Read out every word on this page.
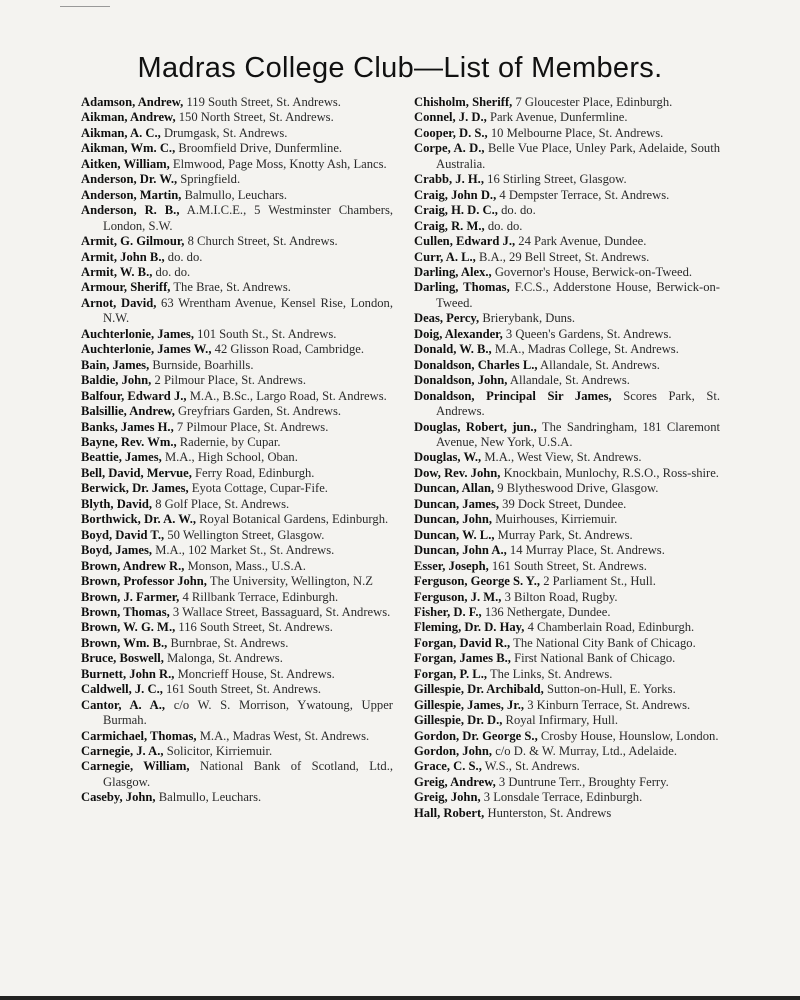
Madras College Club—List of Members.

Adamson, Andrew, 119 South Street, St. Andrews.

Aikman, Andrew, 150 North Street, St. Andrews.

Aikman, A. C., Drumgask, St. Andrews.

Aikman, Wm. C., Broomfield Drive, Dunfermline.

Aitken, William, Elmwood, Page Moss, Knotty Ash, Lancs.

Anderson, Dr. W., Springfield.

Anderson, Martin, Balmullo, Leuchars.

Anderson, R. B., A.M.I.C.E., 5 Westminster Chambers, London, S.W.

Armit, G. Gilmour, 8 Church Street, St. Andrews.

Armit, John B., do. do.

Armit, W. B., do. do.

Armour, Sheriff, The Brae, St. Andrews.

Arnot, David, 63 Wrentham Avenue, Kensel Rise, London, N.W.

Auchterlonie, James, 101 South St., St. Andrews.

Auchterlonie, James W., 42 Glisson Road, Cambridge.

Bain, James, Burnside, Boarhills.

Baldie, John, 2 Pilmour Place, St. Andrews.

Balfour, Edward J., M.A., B.Sc., Largo Road, St. Andrews.

Balsillie, Andrew, Greyfriars Garden, St. Andrews.

Banks, James H., 7 Pilmour Place, St. Andrews.

Bayne, Rev. Wm., Radernie, by Cupar.

Beattie, James, M.A., High School, Oban.

Bell, David, Mervue, Ferry Road, Edinburgh.

Berwick, Dr. James, Eyota Cottage, Cupar-Fife.

Blyth, David, 8 Golf Place, St. Andrews.

Borthwick, Dr. A. W., Royal Botanical Gardens, Edinburgh.

Boyd, David T., 50 Wellington Street, Glasgow.

Boyd, James, M.A., 102 Market St., St. Andrews.

Brown, Andrew R., Monson, Mass., U.S.A.

Brown, Professor John, The University, Wellington, N.Z

Brown, J. Farmer, 4 Rillbank Terrace, Edinburgh.

Brown, Thomas, 3 Wallace Street, Bassaguard, St. Andrews.

Brown, W. G. M., 116 South Street, St. Andrews.

Brown, Wm. B., Burnbrae, St. Andrews.

Bruce, Boswell, Malonga, St. Andrews.

Burnett, John R., Moncrieff House, St. Andrews.

Caldwell, J. C., 161 South Street, St. Andrews.

Cantor, A. A., c/o W. S. Morrison, Ywatoung, Upper Burmah.

Carmichael, Thomas, M.A., Madras West, St. Andrews.

Carnegie, J. A., Solicitor, Kirriemuir.

Carnegie, William, National Bank of Scotland, Ltd., Glasgow.

Caseby, John, Balmullo, Leuchars.

Chisholm, Sheriff, 7 Gloucester Place, Edinburgh.

Connel, J. D., Park Avenue, Dunfermline.

Cooper, D. S., 10 Melbourne Place, St. Andrews.

Corpe, A. D., Belle Vue Place, Unley Park, Adelaide, South Australia.

Crabb, J. H., 16 Stirling Street, Glasgow.

Craig, John D., 4 Dempster Terrace, St. Andrews.

Craig, H. D. C., do. do.

Craig, R. M., do. do.

Cullen, Edward J., 24 Park Avenue, Dundee.

Curr, A. L., B.A., 29 Bell Street, St. Andrews.

Darling, Alex., Governor's House, Berwick-on-Tweed.

Darling, Thomas, F.C.S., Adderstone House, Berwick-on-Tweed.

Deas, Percy, Brierybank, Duns.

Doig, Alexander, 3 Queen's Gardens, St. Andrews.

Donald, W. B., M.A., Madras College, St. Andrews.

Donaldson, Charles L., Allandale, St. Andrews.

Donaldson, John, Allandale, St. Andrews.

Donaldson, Principal Sir James, Scores Park, St. Andrews.

Douglas, Robert, jun., The Sandringham, 181 Claremont Avenue, New York, U.S.A.

Douglas, W., M.A., West View, St. Andrews.

Dow, Rev. John, Knockbain, Munlochy, R.S.O., Ross-shire.

Duncan, Allan, 9 Blytheswood Drive, Glasgow.

Duncan, James, 39 Dock Street, Dundee.

Duncan, John, Muirhouses, Kirriemuir.

Duncan, W. L., Murray Park, St. Andrews.

Duncan, John A., 14 Murray Place, St. Andrews.

Esser, Joseph, 161 South Street, St. Andrews.

Ferguson, George S. Y., 2 Parliament St., Hull.

Ferguson, J. M., 3 Bilton Road, Rugby.

Fisher, D. F., 136 Nethergate, Dundee.

Fleming, Dr. D. Hay, 4 Chamberlain Road, Edinburgh.

Forgan, David R., The National City Bank of Chicago.

Forgan, James B., First National Bank of Chicago.

Forgan, P. L., The Links, St. Andrews.

Gillespie, Dr. Archibald, Sutton-on-Hull, E. Yorks.

Gillespie, James, Jr., 3 Kinburn Terrace, St. Andrews.

Gillespie, Dr. D., Royal Infirmary, Hull.

Gordon, Dr. George S., Crosby House, Hounslow, London.

Gordon, John, c/o D. & W. Murray, Ltd., Adelaide.

Grace, C. S., W.S., St. Andrews.

Greig, Andrew, 3 Duntrune Terr., Broughty Ferry.

Greig, John, 3 Lonsdale Terrace, Edinburgh.

Hall, Robert, Hunterston, St. Andrews
